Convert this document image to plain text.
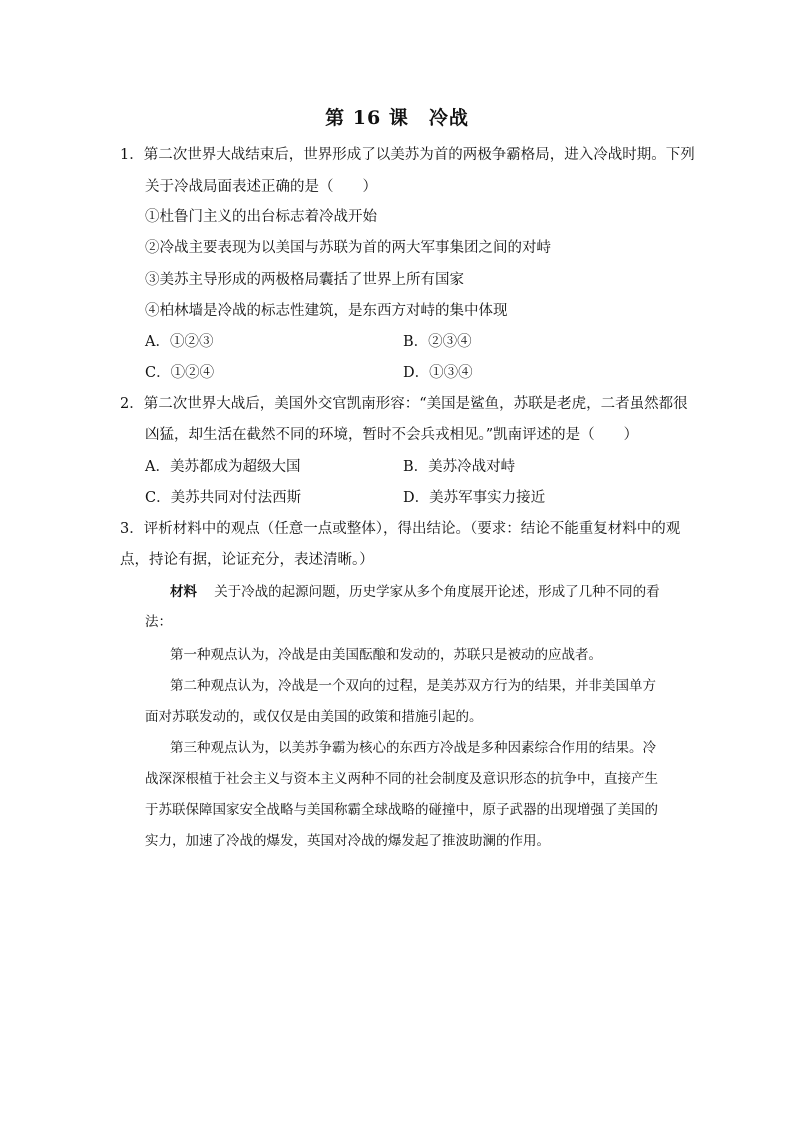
第 16 课　冷战
1．第二次世界大战结束后，世界形成了以美苏为首的两极争霸格局，进入冷战时期。下列
关于冷战局面表述正确的是（　　）
①杜鲁门主义的出台标志着冷战开始
②冷战主要表现为以美国与苏联为首的两大军事集团之间的对峙
③美苏主导形成的两极格局囊括了世界上所有国家
④柏林墙是冷战的标志性建筑，是东西方对峙的集中体现
A．①②③	B．②③④
C．①②④	D．①③④
2．第二次世界大战后，美国外交官凯南形容：“美国是鲨鱼，苏联是老虎，二者虽然都很
凶猛，却生活在截然不同的环境，暂时不会兵戎相见。”凯南评述的是（　　）
A．美苏都成为超级大国	B．美苏冷战对峙
C．美苏共同对付法西斯	D．美苏军事实力接近
3．评析材料中的观点（任意一点或整体），得出结论。（要求：结论不能重复材料中的观
点，持论有据，论证充分，表述清晰。）
材料 关于冷战的起源问题，历史学家从多个角度展开论述，形成了几种不同的看
法：
第一种观点认为，冷战是由美国酝酿和发动的，苏联只是被动的应战者。
第二种观点认为，冷战是一个双向的过程，是美苏双方行为的结果，并非美国单方
面对苏联发动的，或仅仅是由美国的政策和措施引起的。
第三种观点认为，以美苏争霸为核心的东西方冷战是多种因素综合作用的结果。冷
战深深根植于社会主义与资本主义两种不同的社会制度及意识形态的抗争中，直接产生
于苏联保障国家安全战略与美国称霸全球战略的碰撞中，原子武器的出现增强了美国的
实力，加速了冷战的爆发，英国对冷战的爆发起了推波助澜的作用。
